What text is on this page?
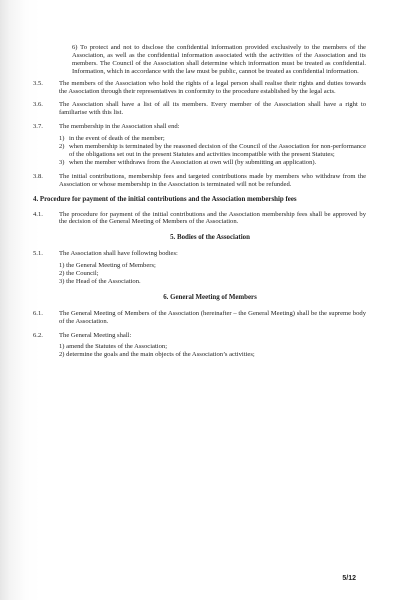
6) To protect and not to disclose the confidential information provided exclusively to the members of the Association, as well as the confidential information associated with the activities of the Association and its members. The Council of the Association shall determine which information must be treated as confidential. Information, which in accordance with the law must be public, cannot be treated as confidential information.
3.5.	The members of the Association who hold the rights of a legal person shall realise their rights and duties towards the Association through their representatives in conformity to the procedure established by the legal acts.
3.6.	The Association shall have a list of all its members. Every member of the Association shall have a right to familiarise with this list.
3.7.	The membership in the Association shall end:
1) in the event of death of the member;
2) when membership is terminated by the reasoned decision of the Council of the Association for non-performance of the obligations set out in the present Statutes and activities incompatible with the present Statutes;
3) when the member withdraws from the Association at own will (by submitting an application).
3.8.	The initial contributions, membership fees and targeted contributions made by members who withdraw from the Association or whose membership in the Association is terminated will not be refunded.
4. Procedure for payment of the initial contributions and the Association membership fees
4.1.	The procedure for payment of the initial contributions and the Association membership fees shall be approved by the decision of the General Meeting of Members of the Association.
5. Bodies of the Association
5.1.	The Association shall have following bodies:
1) the General Meeting of Members;
2) the Council;
3) the Head of the Association.
6. General Meeting of Members
6.1.	The General Meeting of Members of the Association (hereinafter – the General Meeting) shall be the supreme body of the Association.
6.2.	The General Meeting shall:
1) amend the Statutes of the Association;
2) determine the goals and the main objects of the Association’s activities;
5/12
